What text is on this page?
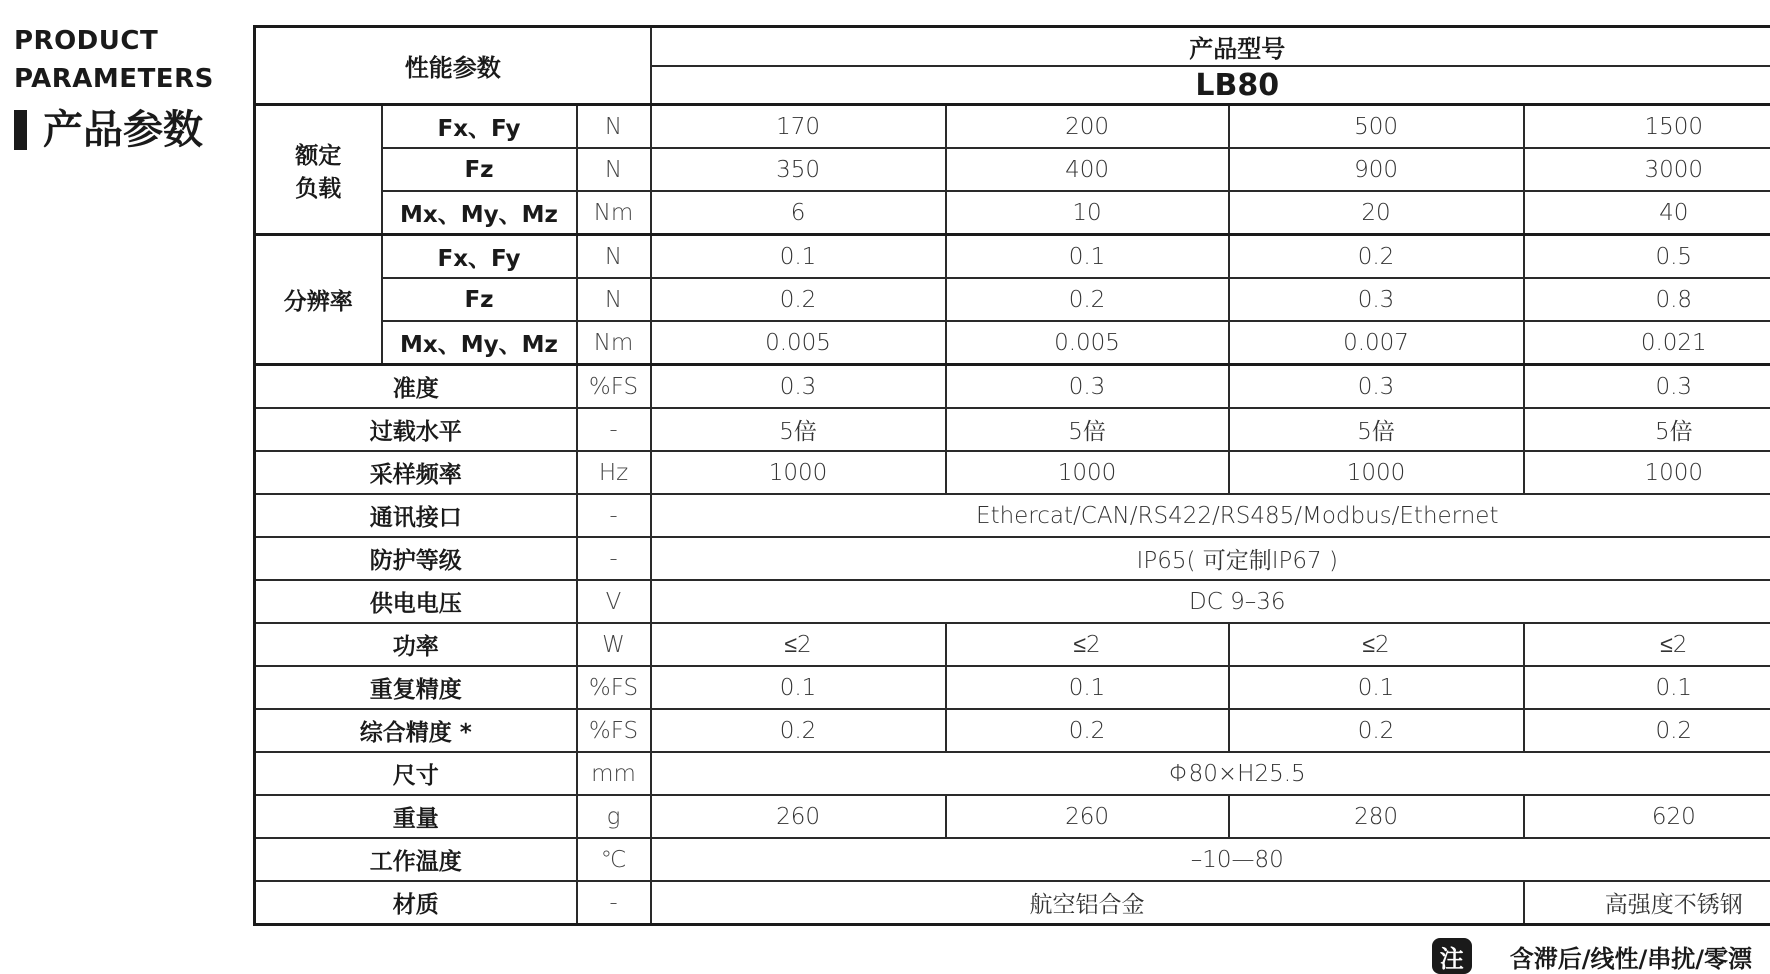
PRODUCT
PARAMETERS
产品参数
性能参数			产品型号			
			LB80			
额定
负载	Fx、Fy	N	170	200	500	1500
	Fz	N	350	400	900	3000
	Mx、My、Mz	Nm	6	10	20	40
分辨率	Fx、Fy	N	0.1	0.1	0.2	0.5
	Fz	N	0.2	0.2	0.3	0.8
	Mx、My、Mz	Nm	0.005	0.005	0.007	0.021
准度		%FS	0.3	0.3	0.3	0.3
过载水平		-	5倍	5倍	5倍	5倍
采样频率		Hz	1000	1000	1000	1000
通讯接口		-	Ethercat/CAN/RS422/RS485/Modbus/Ethernet			
防护等级		-	IP65( 可定制IP67 )			
供电电压		V	DC 9–36			
功率		W	≤2	≤2	≤2	≤2
重复精度		%FS	0.1	0.1	0.1	0.1
综合精度 *		%FS	0.2	0.2	0.2	0.2
尺寸		mm	Φ80×H25.5			
重量		g	260	260	280	620
工作温度		℃	–10—80			
材质		-	航空铝合金			高强度不锈钢
注	含滞后/线性/串扰/零漂
